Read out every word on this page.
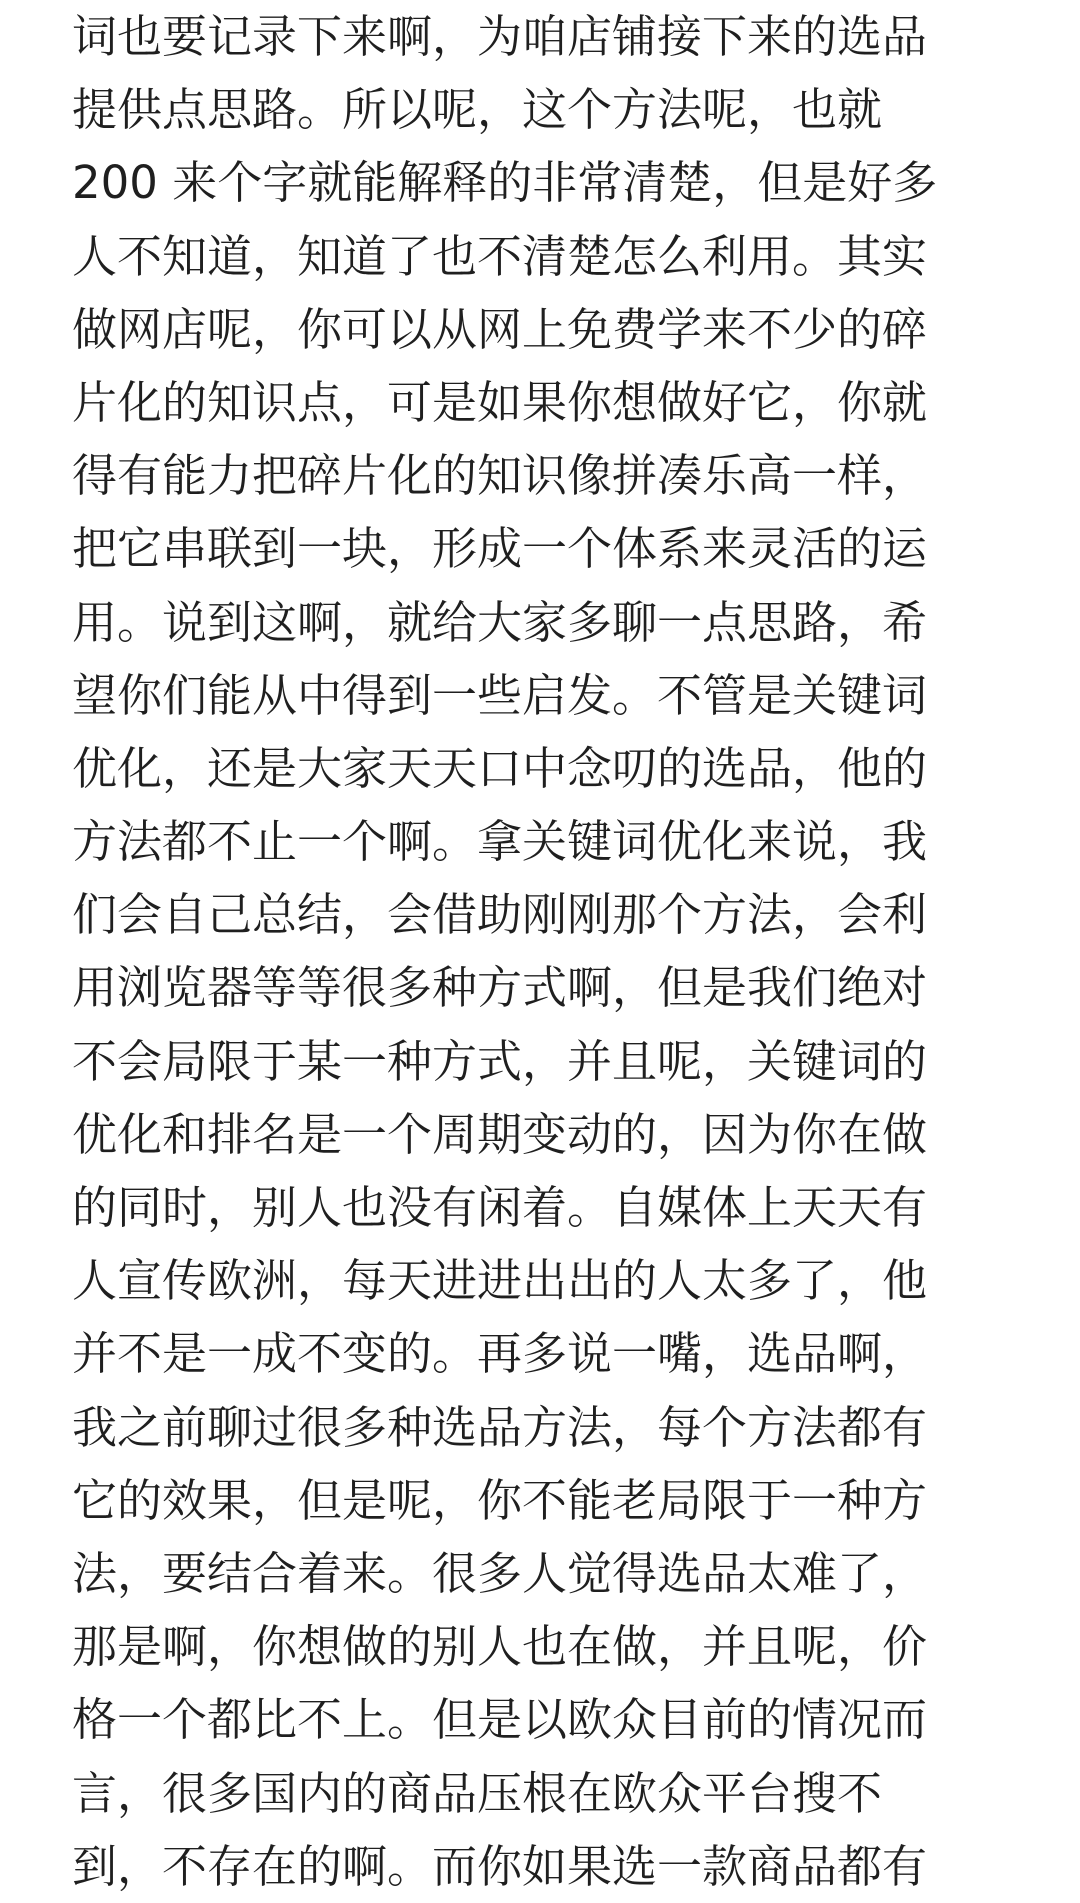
词也要记录下来啊，为咱店铺接下来的选品
提供点思路。所以呢，这个方法呢，也就
200 来个字就能解释的非常清楚，但是好多
人不知道，知道了也不清楚怎么利用。其实
做网店呢，你可以从网上免费学来不少的碎
片化的知识点，可是如果你想做好它，你就
得有能力把碎片化的知识像拼凑乐高一样，
把它串联到一块，形成一个体系来灵活的运
用。说到这啊，就给大家多聊一点思路，希
望你们能从中得到一些启发。不管是关键词
优化，还是大家天天口中念叨的选品，他的
方法都不止一个啊。拿关键词优化来说，我
们会自己总结，会借助刚刚那个方法，会利
用浏览器等等很多种方式啊，但是我们绝对
不会局限于某一种方式，并且呢，关键词的
优化和排名是一个周期变动的，因为你在做
的同时，别人也没有闲着。自媒体上天天有
人宣传欧洲，每天进进出出的人太多了，他
并不是一成不变的。再多说一嘴，选品啊，
我之前聊过很多种选品方法，每个方法都有
它的效果，但是呢，你不能老局限于一种方
法，要结合着来。很多人觉得选品太难了，
那是啊，你想做的别人也在做，并且呢，价
格一个都比不上。但是以欧众目前的情况而
言，很多国内的商品压根在欧众平台搜不
到，不存在的啊。而你如果选一款商品都有
